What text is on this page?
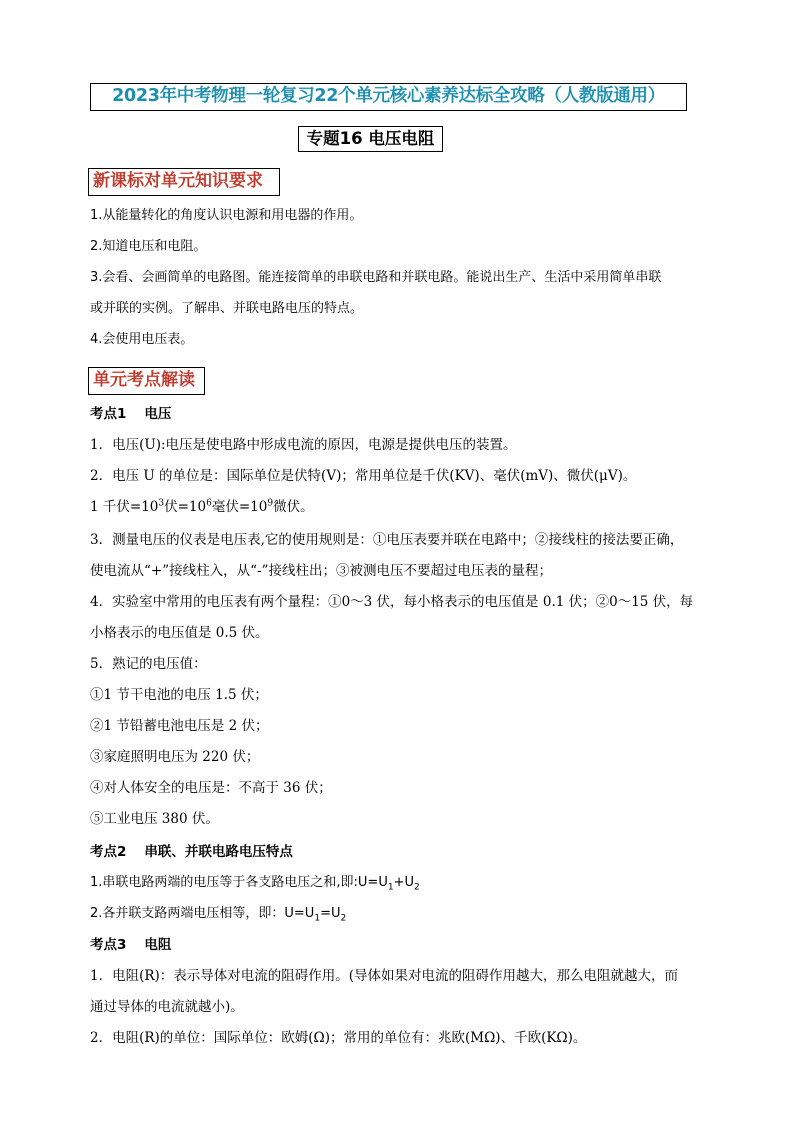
2023年中考物理一轮复习22个单元核心素养达标全攻略（人教版通用）
专题16 电压电阻
新课标对单元知识要求
1.从能量转化的角度认识电源和用电器的作用。
2.知道电压和电阻。
3.会看、会画简单的电路图。能连接简单的串联电路和并联电路。能说出生产、生活中采用简单串联
或并联的实例。了解串、并联电路电压的特点。
4.会使用电压表。
单元考点解读
考点1 电压
1．电压(U):电压是使电路中形成电流的原因，电源是提供电压的装置。
2．电压 U 的单位是：国际单位是伏特(V)；常用单位是千伏(KV)、毫伏(mV)、微伏(μV)。
1 千伏$=10^3$伏$=10^6$毫伏$=10^9$微伏。
3．测量电压的仪表是电压表,它的使用规则是：①电压表要并联在电路中；②接线柱的接法要正确，
使电流从“+”接线柱入，从“-”接线柱出；③被测电压不要超过电压表的量程；
4．实验室中常用的电压表有两个量程：①0～3 伏，每小格表示的电压值是 0.1 伏；②0～15 伏，每
小格表示的电压值是 0.5 伏。
5．熟记的电压值：
①1 节干电池的电压 1.5 伏；
②1 节铅蓄电池电压是 2 伏；
③家庭照明电压为 220 伏；
④对人体安全的电压是：不高于 36 伏；
⑤工业电压 380 伏。
考点2 串联、并联电路电压特点
1.串联电路两端的电压等于各支路电压之和,即$:U=U_1+U_2$
2.各并联支路两端电压相等，即：$U=U_1=U_2$
考点3 电阻
1．电阻(R)：表示导体对电流的阻碍作用。(导体如果对电流的阻碍作用越大，那么电阻就越大，而
通过导体的电流就越小)。
2．电阻(R)的单位：国际单位：欧姆(Ω)；常用的单位有：兆欧(MΩ)、千欧(KΩ)。
